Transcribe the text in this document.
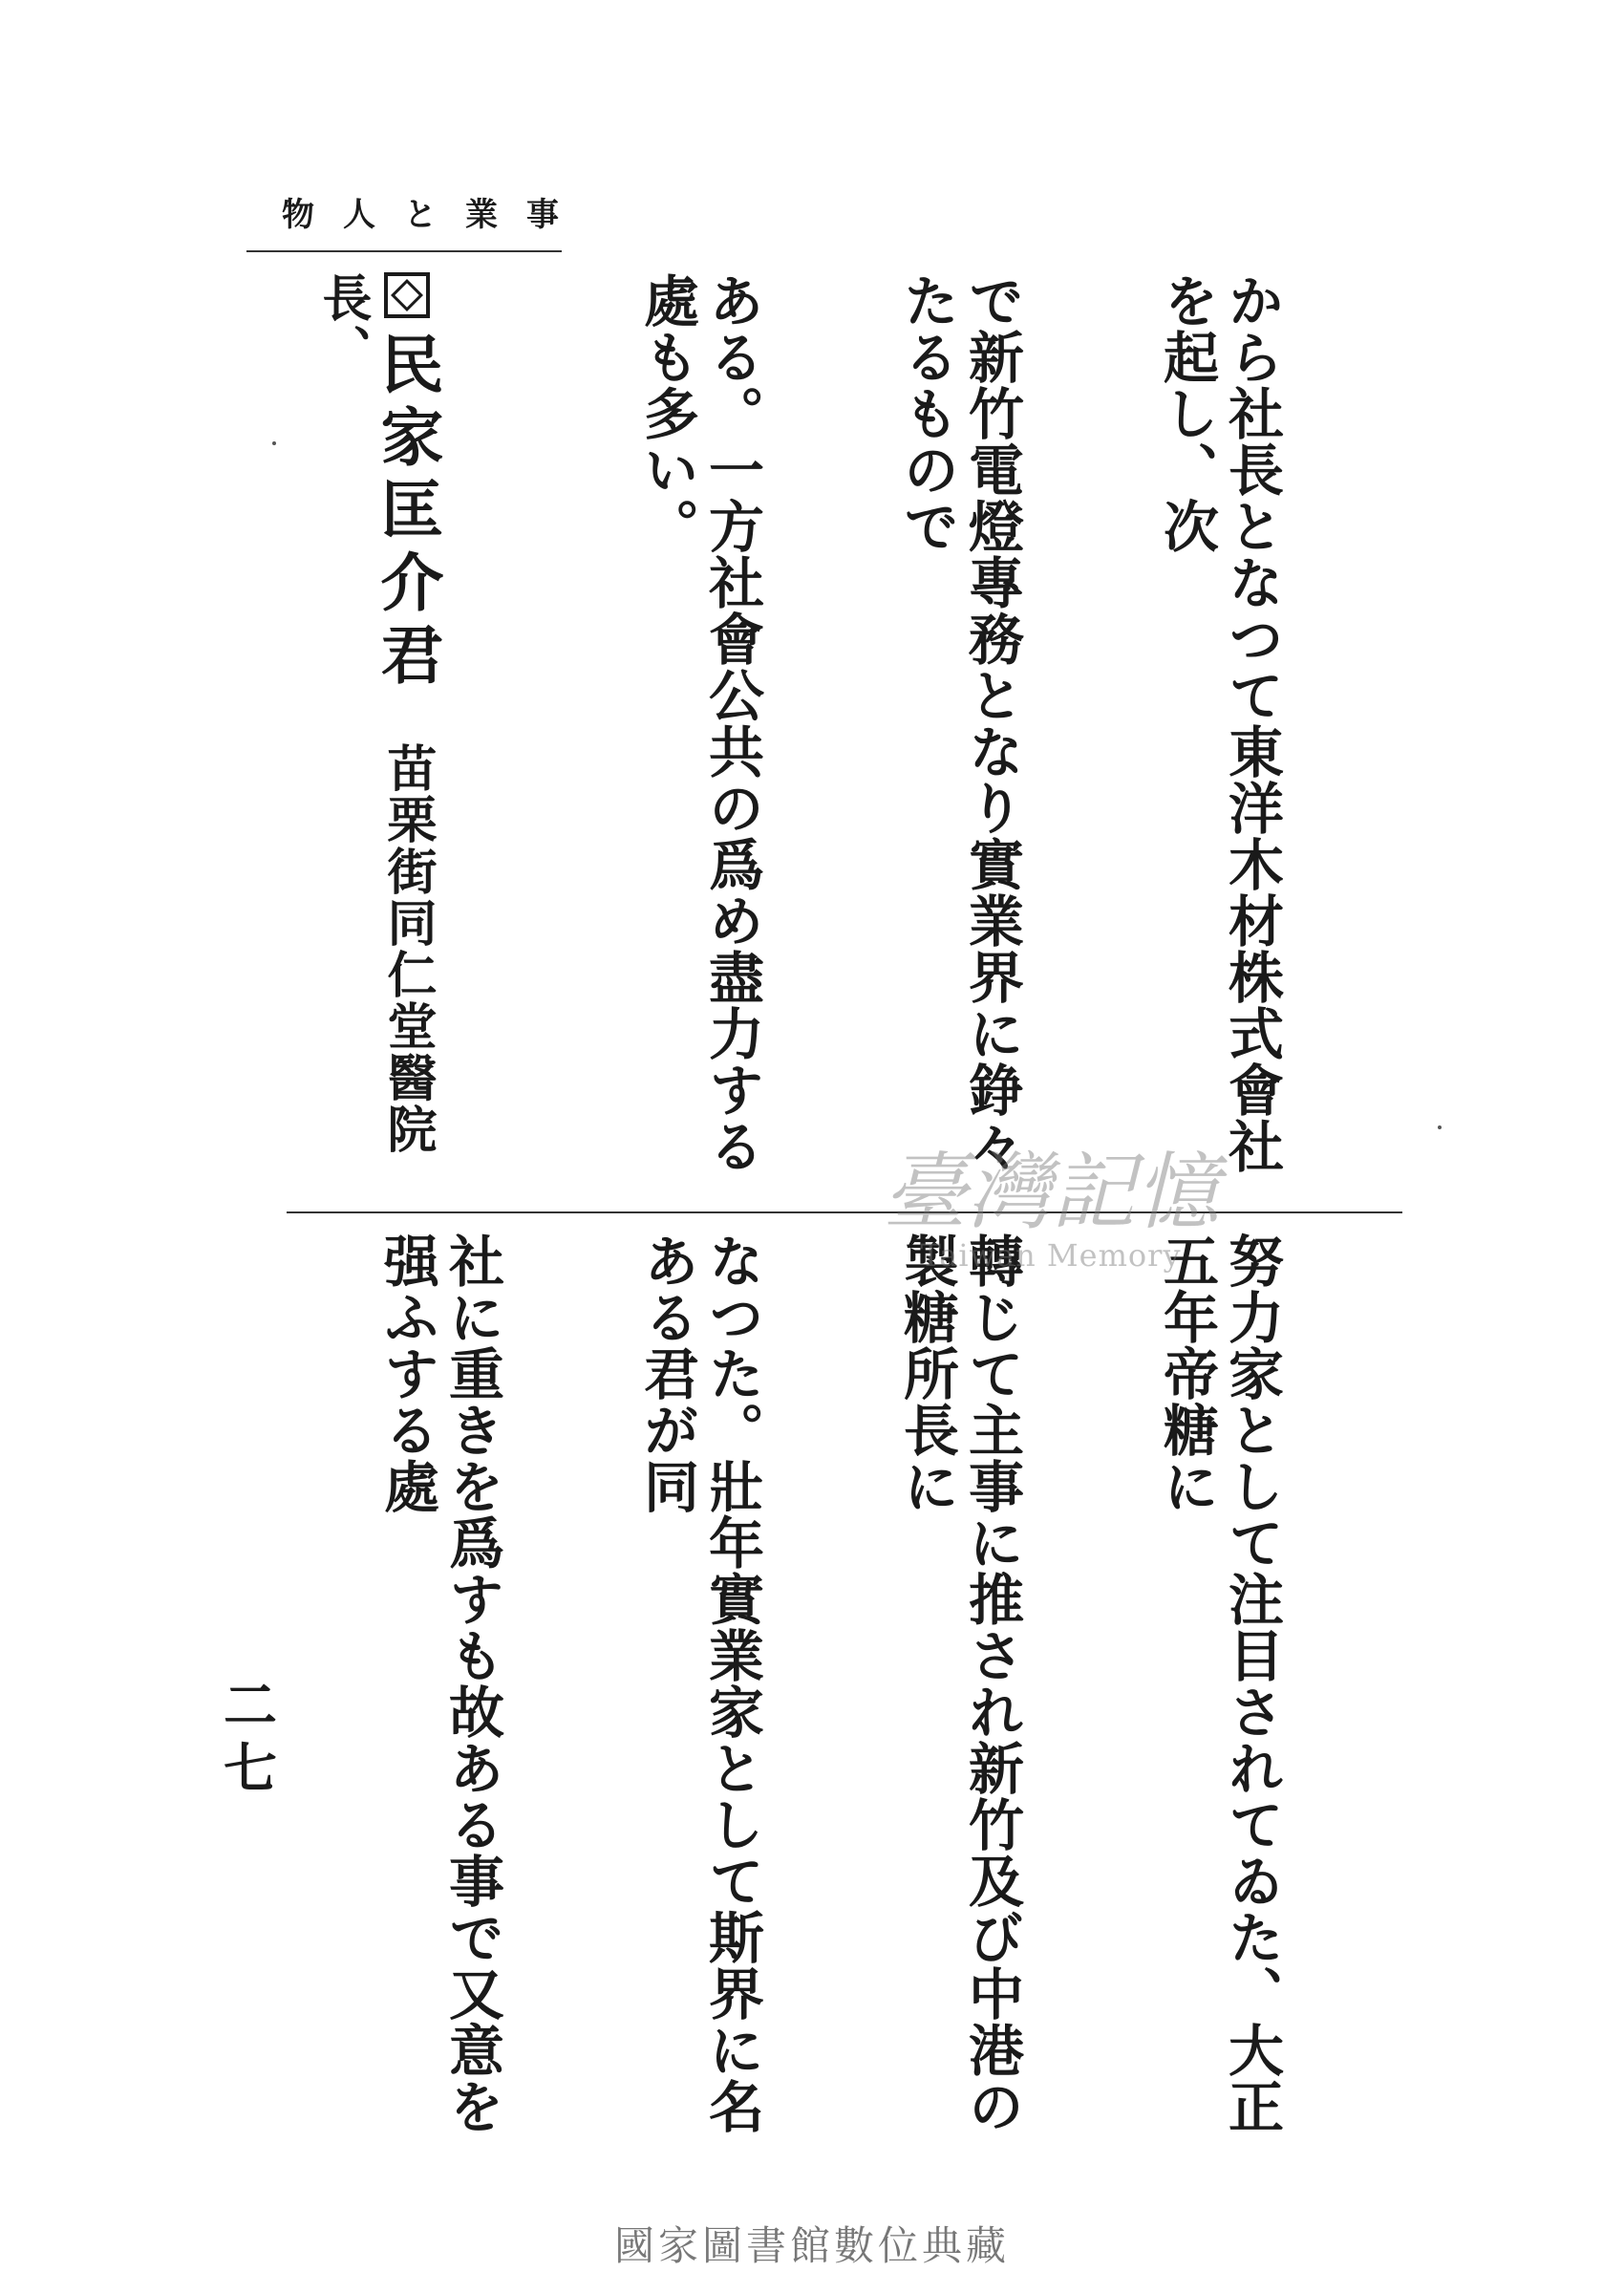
物 人 と 業 事

から社長となつて東洋木材株式會社を起し、次

で新竹電燈專務となり實業界に錚々たるもので

ある。一方社會公共の爲め盡力する處も多い。

民家匡介君苗栗街同仁堂醫院長、

努力家として注目されてゐた、大正五年帝糖に

轉じて主事に推され新竹及び中港の製糖所長に

なつた。壯年實業家として斯界に名ある君が同

社に重きを爲すも故ある事で又意を强ふする處

二七
臺灣記憶
Taiwan Memory
國家圖書館數位典藏
